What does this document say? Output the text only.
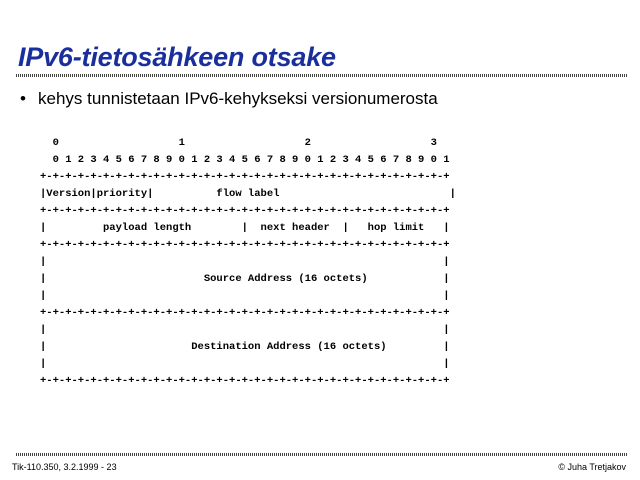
IPv6-tietosähkeen otsake
• kehys tunnistetaan IPv6-kehykseksi versionumerosta
0                   1                   2                   3
0 1 2 3 4 5 6 7 8 9 0 1 2 3 4 5 6 7 8 9 0 1 2 3 4 5 6 7 8 9 0 1
+-+-+-+-+-+-+-+-+-+-+-+-+-+-+-+-+-+-+-+-+-+-+-+-+-+-+-+-+-+-+-+-+
|Version|priority|          flow label                           |
+-+-+-+-+-+-+-+-+-+-+-+-+-+-+-+-+-+-+-+-+-+-+-+-+-+-+-+-+-+-+-+-+
|         payload length        |  next header  |   hop limit   |
+-+-+-+-+-+-+-+-+-+-+-+-+-+-+-+-+-+-+-+-+-+-+-+-+-+-+-+-+-+-+-+-+
|                                                               |
|                         Source Address (16 octets)            |
|                                                               |
+-+-+-+-+-+-+-+-+-+-+-+-+-+-+-+-+-+-+-+-+-+-+-+-+-+-+-+-+-+-+-+-+
|                                                               |
|                       Destination Address (16 octets)         |
|                                                               |
+-+-+-+-+-+-+-+-+-+-+-+-+-+-+-+-+-+-+-+-+-+-+-+-+-+-+-+-+-+-+-+-+
Tik-110.350, 3.2.1999 - 23	© Juha Tretjakov
